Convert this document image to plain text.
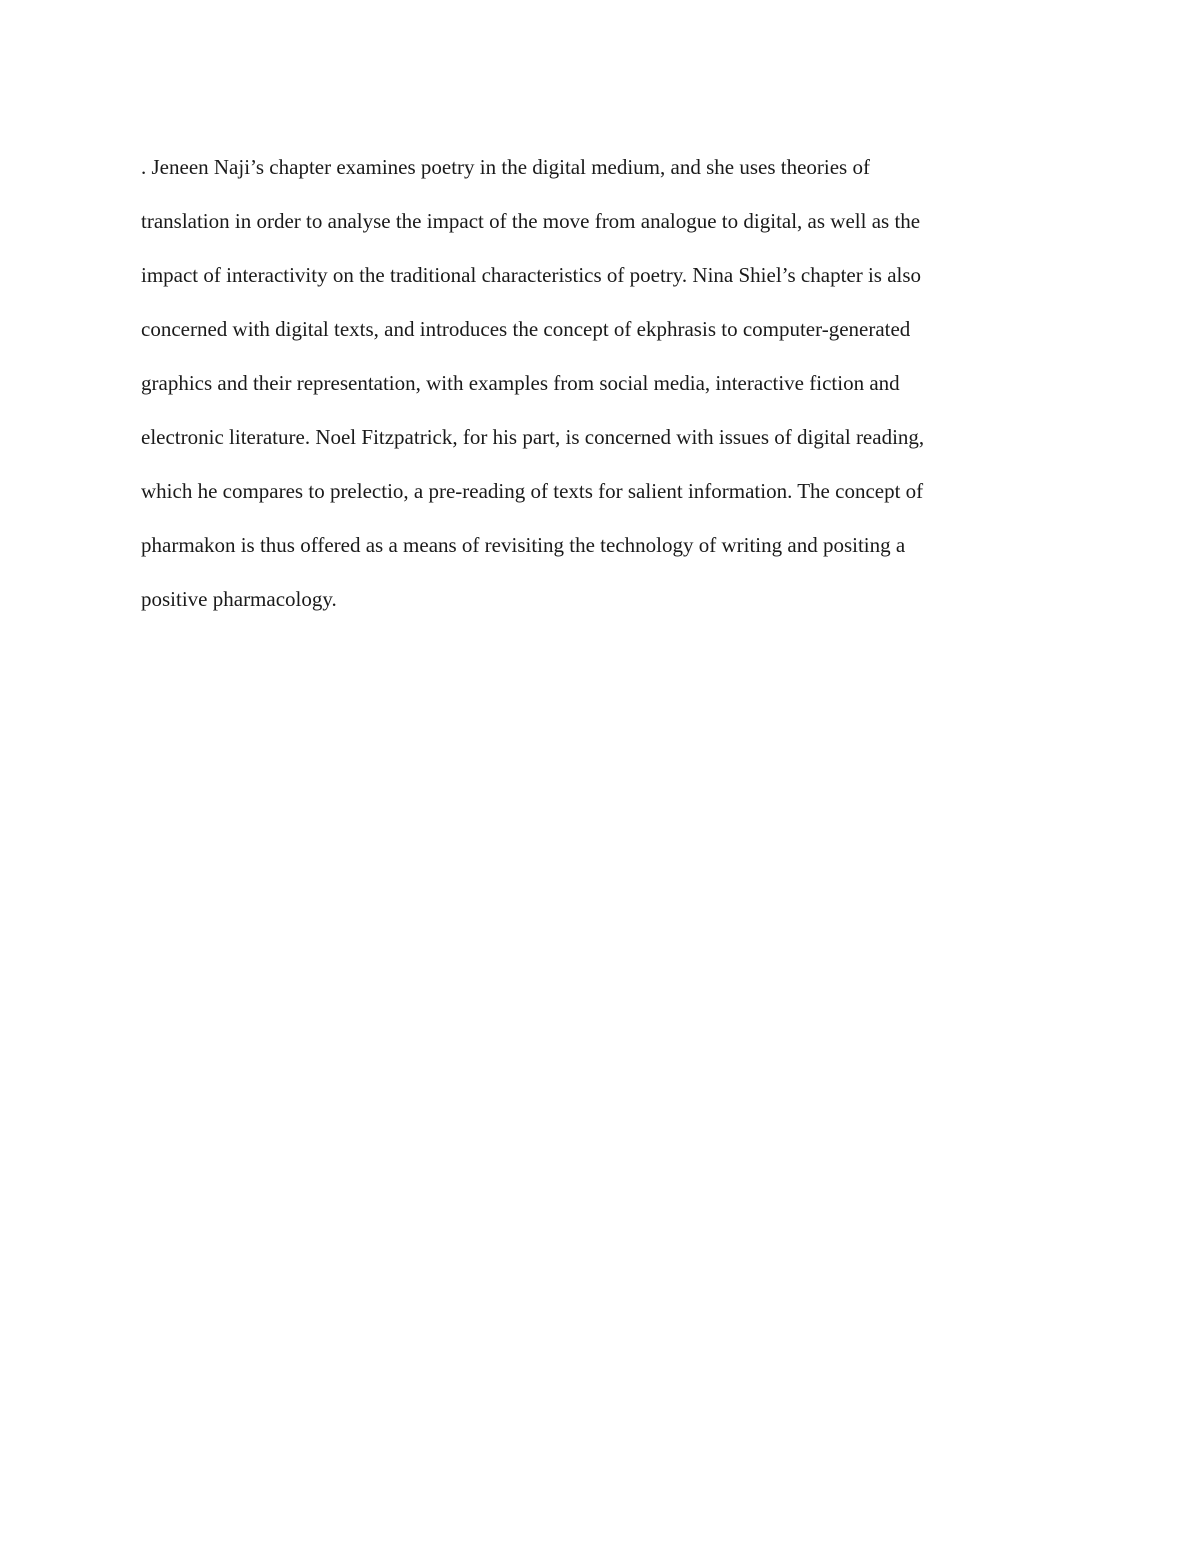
. Jeneen Naji’s chapter examines poetry in the digital medium, and she uses theories of
translation in order to analyse the impact of the move from analogue to digital, as well as the
impact of interactivity on the traditional characteristics of poetry. Nina Shiel’s chapter is also
concerned with digital texts, and introduces the concept of ekphrasis to computer-generated
graphics and their representation, with examples from social media, interactive fiction and
electronic literature. Noel Fitzpatrick, for his part, is concerned with issues of digital reading,
which he compares to prelectio, a pre-reading of texts for salient information. The concept of
pharmakon is thus offered as a means of revisiting the technology of writing and positing a
positive pharmacology.
